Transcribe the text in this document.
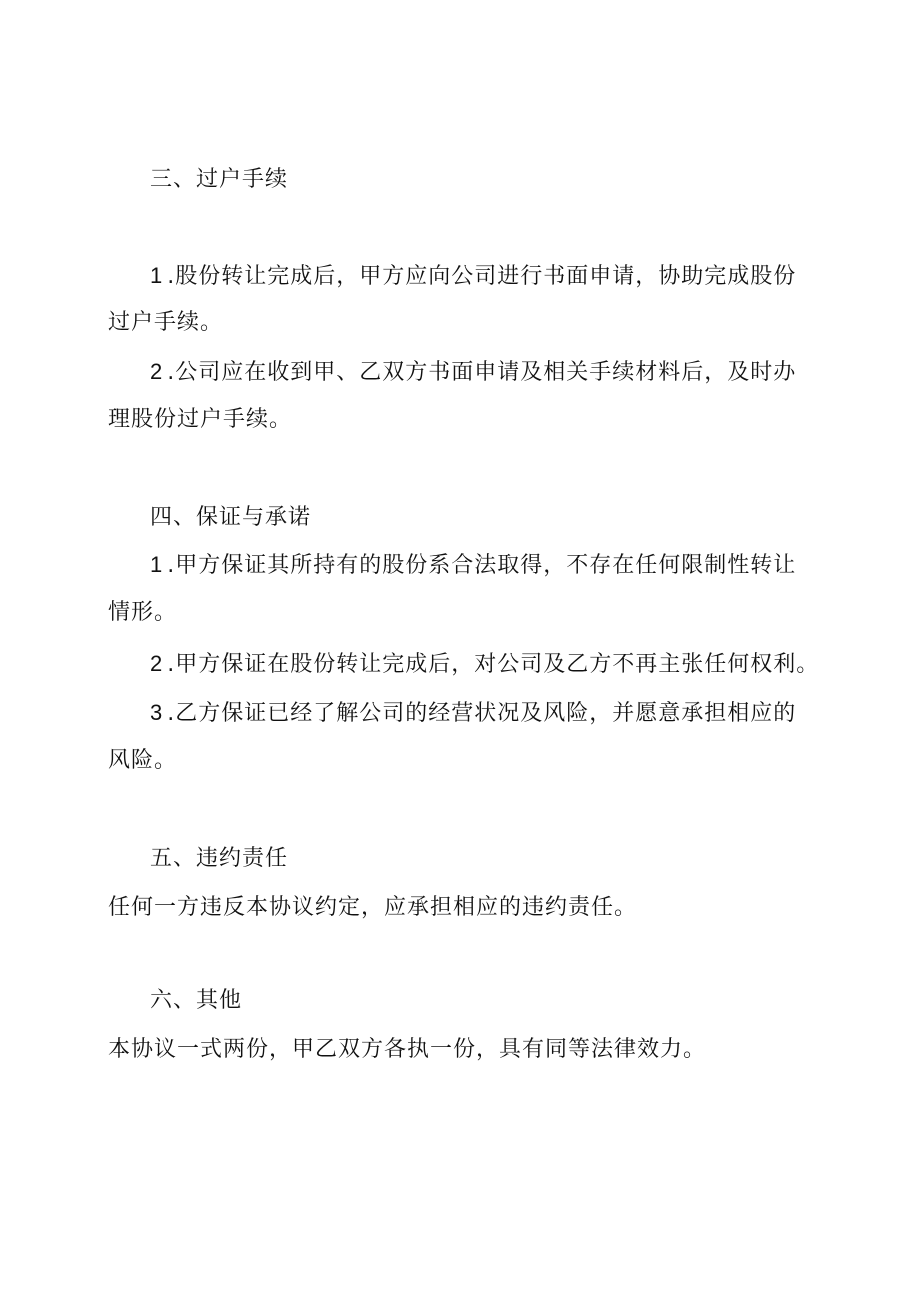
三、过户手续
1 .股份转让完成后，甲方应向公司进行书面申请，协助完成股份
过户手续。
2 .公司应在收到甲、乙双方书面申请及相关手续材料后，及时办
理股份过户手续。
四、保证与承诺
1 .甲方保证其所持有的股份系合法取得，不存在任何限制性转让
情形。
2 .甲方保证在股份转让完成后，对公司及乙方不再主张任何权利。
3 .乙方保证已经了解公司的经营状况及风险，并愿意承担相应的
风险。
五、违约责任
任何一方违反本协议约定，应承担相应的违约责任。
六、其他
本协议一式两份，甲乙双方各执一份，具有同等法律效力。
